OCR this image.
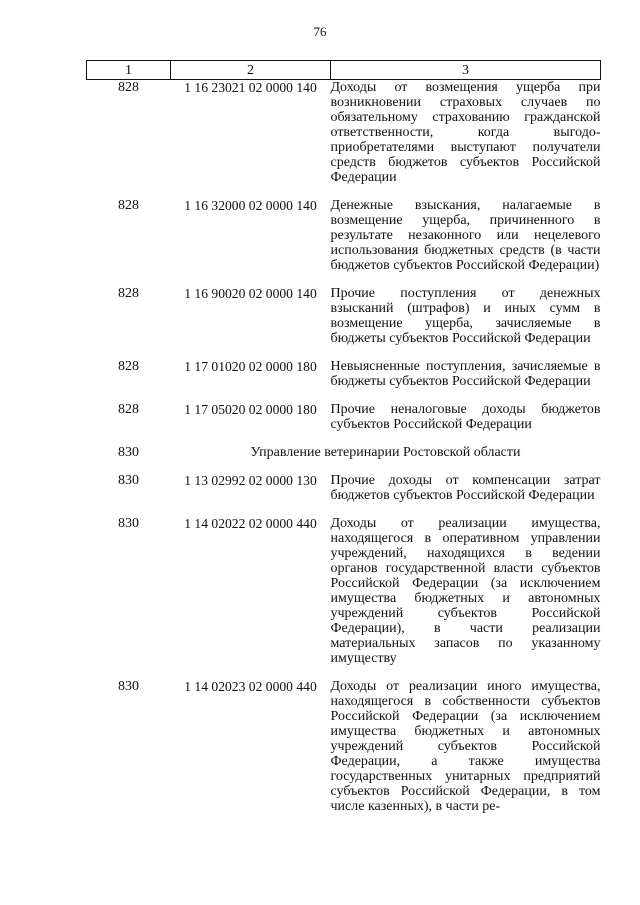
76
1	2	3
828	1 16 23021 02 0000 140	Доходы от возмещения ущерба при возникновении страховых случаев по обязательному страхованию гражданской ответственности, когда выгодоприобретателями выступают получатели средств бюджетов субъектов Российской Федерации
828	1 16 32000 02 0000 140	Денежные взыскания, налагаемые в возмещение ущерба, причиненного в результате незаконного или нецелевого использования бюджетных средств (в части бюджетов субъектов Российской Федерации)
828	1 16 90020 02 0000 140	Прочие поступления от денежных взысканий (штрафов) и иных сумм в возмещение ущерба, зачисляемые в бюджеты субъектов Российской Федерации
828	1 17 01020 02 0000 180	Невыясненные поступления, зачисляемые в бюджеты субъектов Российской Федерации
828	1 17 05020 02 0000 180	Прочие неналоговые доходы бюджетов субъектов Российской Федерации
830	Управление ветеринарии Ростовской области	
830	1 13 02992 02 0000 130	Прочие доходы от компенсации затрат бюджетов субъектов Российской Федерации
830	1 14 02022 02 0000 440	Доходы от реализации имущества, находящегося в оперативном управлении учреждений, находящихся в ведении органов государственной власти субъектов Российской Федерации (за исключением имущества бюджетных и автономных учреждений субъектов Российской Федерации), в части реализации материальных запасов по указанному имуществу
830	1 14 02023 02 0000 440	Доходы от реализации иного имущества, находящегося в собственности субъектов Российской Федерации (за исключением имущества бюджетных и автономных учреждений субъектов Российской Федерации, а также имущества государственных унитарных предприятий субъектов Российской Федерации, в том числе казенных), в части ре-
